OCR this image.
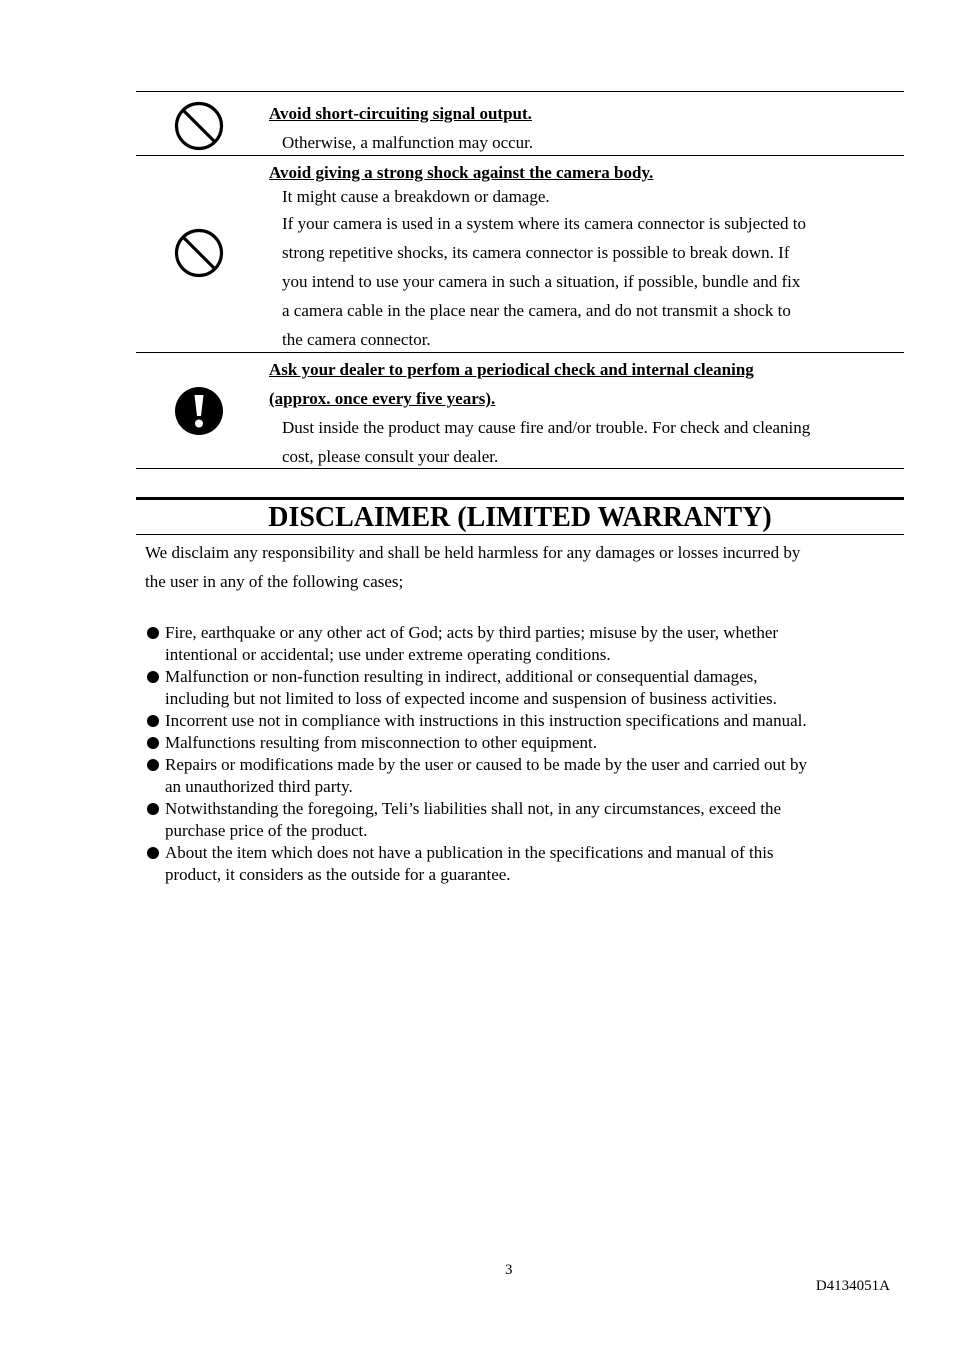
Avoid short-circuiting signal output.
Otherwise, a malfunction may occur.
Avoid giving a strong shock against the camera body.
It might cause a breakdown or damage.
If your camera is used in a system where its camera connector is subjected to
strong repetitive shocks, its camera connector is possible to break down. If
you intend to use your camera in such a situation, if possible, bundle and fix
a camera cable in the place near the camera, and do not transmit a shock to
the camera connector.
Ask your dealer to perfom a periodical check and internal cleaning
(approx. once every five years).
Dust inside the product may cause fire and/or trouble. For check and cleaning
cost, please consult your dealer.
DISCLAIMER (LIMITED WARRANTY)
We disclaim any responsibility and shall be held harmless for any damages or losses incurred by
the user in any of the following cases;
Fire, earthquake or any other act of God; acts by third parties; misuse by the user, whether
intentional or accidental; use under extreme operating conditions.
Malfunction or non-function resulting in indirect, additional or consequential damages,
including but not limited to loss of expected income and suspension of business activities.
Incorrent use not in compliance with instructions in this instruction specifications and manual.
Malfunctions resulting from misconnection to other equipment.
Repairs or modifications made by the user or caused to be made by the user and carried out by
an unauthorized third party.
Notwithstanding the foregoing, Teli’s liabilities shall not, in any circumstances, exceed the
purchase price of the product.
About the item which does not have a publication in the specifications and manual of this
product, it considers as the outside for a guarantee.
3
D4134051A
